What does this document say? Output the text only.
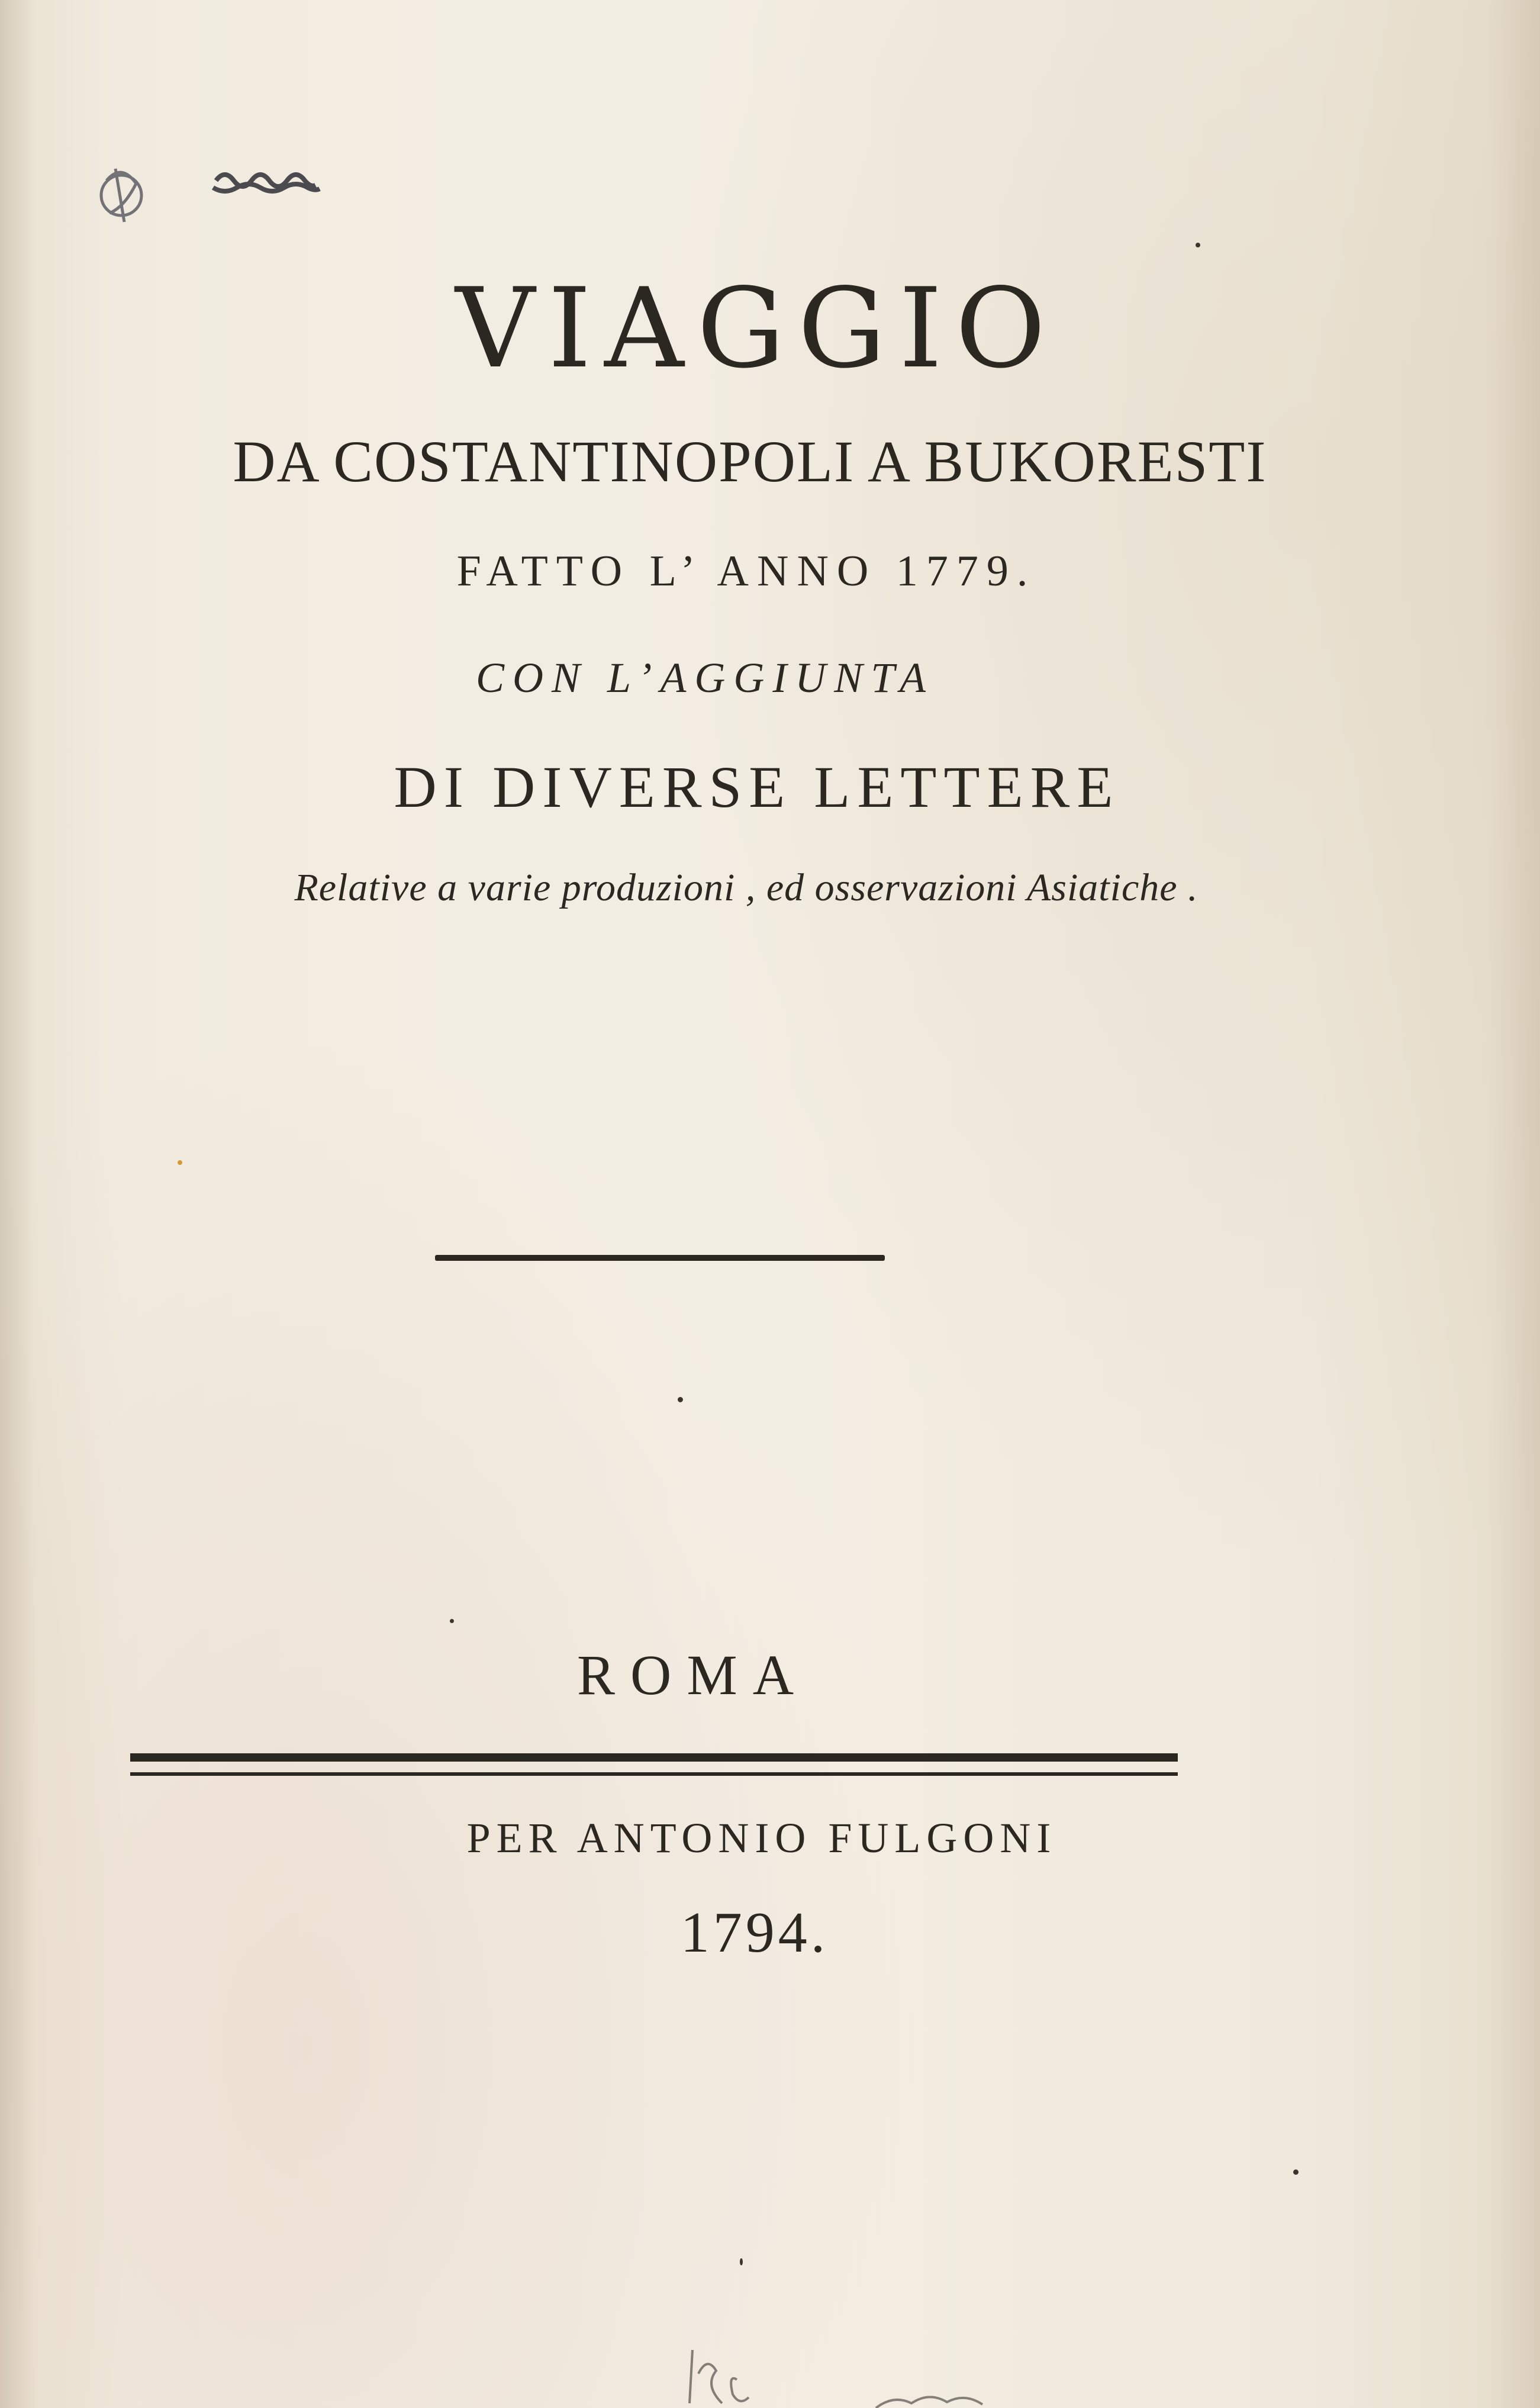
VIAGGIO
DA COSTANTINOPOLI A BUKORESTI
FATTO L’ ANNO 1779.
CON L’AGGIUNTA
DI DIVERSE LETTERE
Relative a varie produzioni , ed osservazioni Asiatiche .
ROMA
PER ANTONIO FULGONI
1794.
